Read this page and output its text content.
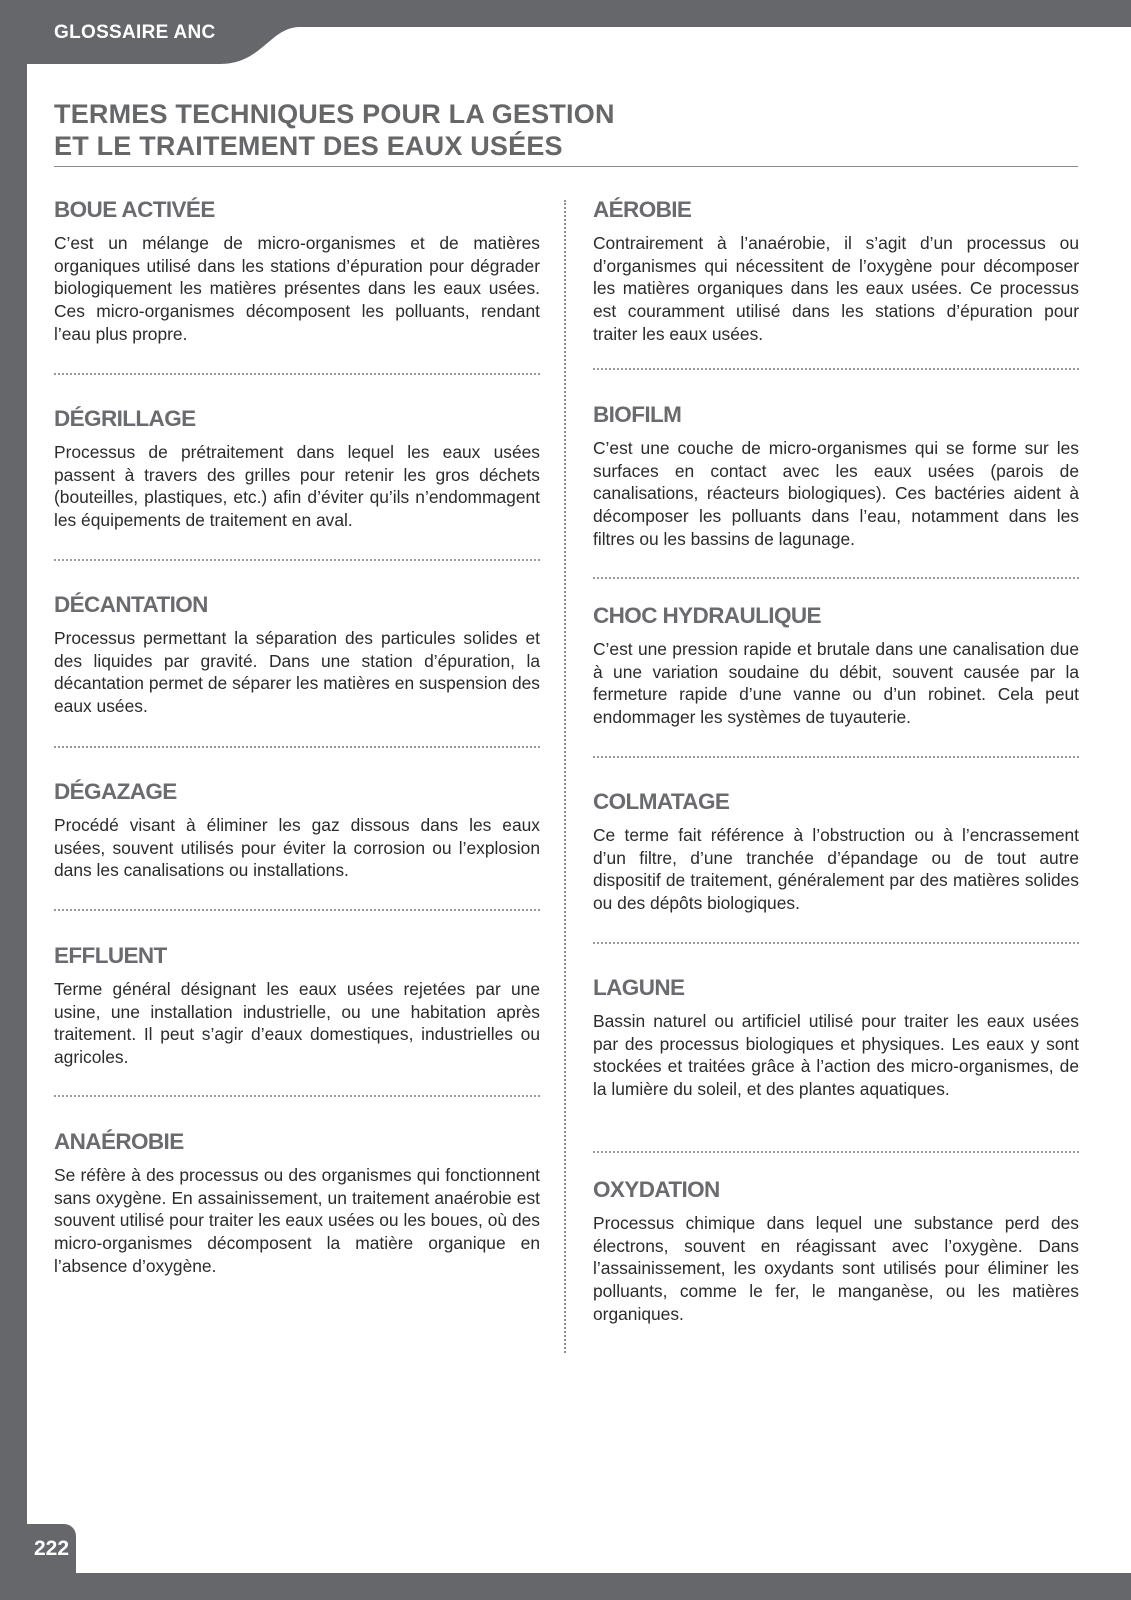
GLOSSAIRE ANC
TERMES TECHNIQUES POUR LA GESTION
ET LE TRAITEMENT DES EAUX USÉES
BOUE ACTIVÉE

C’est un mélange de micro-organismes et de matières organiques utilisé dans les stations d’épuration pour dégrader biologiquement les matières présentes dans les eaux usées. Ces micro-organismes décomposent les polluants, rendant l’eau plus propre.

DÉGRILLAGE

Processus de prétraitement dans lequel les eaux usées passent à travers des grilles pour retenir les gros déchets (bouteilles, plastiques, etc.) afin d’éviter qu’ils n’endommagent les équipements de traitement en aval.

DÉCANTATION

Processus permettant la séparation des particules solides et des liquides par gravité. Dans une station d’épuration, la décantation permet de séparer les matières en suspension des eaux usées.

DÉGAZAGE

Procédé visant à éliminer les gaz dissous dans les eaux usées, souvent utilisés pour éviter la corrosion ou l’explosion dans les canalisations ou installations.

EFFLUENT

Terme général désignant les eaux usées rejetées par une usine, une installation industrielle, ou une habitation après traitement. Il peut s’agir d’eaux domestiques, industrielles ou agricoles.

ANAÉROBIE

Se réfère à des processus ou des organismes qui fonctionnent sans oxygène. En assainissement, un traitement anaérobie est souvent utilisé pour traiter les eaux usées ou les boues, où des micro-organismes décomposent la matière organique en l’absence d’oxygène.

AÉROBIE

Contrairement à l’anaérobie, il s’agit d’un processus ou d’organismes qui nécessitent de l’oxygène pour décomposer les matières organiques dans les eaux usées. Ce processus est couramment utilisé dans les stations d’épuration pour traiter les eaux usées.

BIOFILM

C’est une couche de micro-organismes qui se forme sur les surfaces en contact avec les eaux usées (parois de canalisations, réacteurs biologiques). Ces bactéries aident à décomposer les polluants dans l’eau, notamment dans les filtres ou les bassins de lagunage.

CHOC HYDRAULIQUE

C’est une pression rapide et brutale dans une canalisation due à une variation soudaine du débit, souvent causée par la fermeture rapide d’une vanne ou d’un robinet. Cela peut endommager les systèmes de tuyauterie.

COLMATAGE

Ce terme fait référence à l’obstruction ou à l’encrassement d’un filtre, d’une tranchée d’épandage ou de tout autre dispositif de traitement, généralement par des matières solides ou des dépôts biologiques.

LAGUNE

Bassin naturel ou artificiel utilisé pour traiter les eaux usées par des processus biologiques et physiques. Les eaux y sont stockées et traitées grâce à l’action des micro-organismes, de la lumière du soleil, et des plantes aquatiques.

OXYDATION

Processus chimique dans lequel une substance perd des électrons, souvent en réagissant avec l’oxygène. Dans l’assainissement, les oxydants sont utilisés pour éliminer les polluants, comme le fer, le manganèse, ou les matières organiques.

222
